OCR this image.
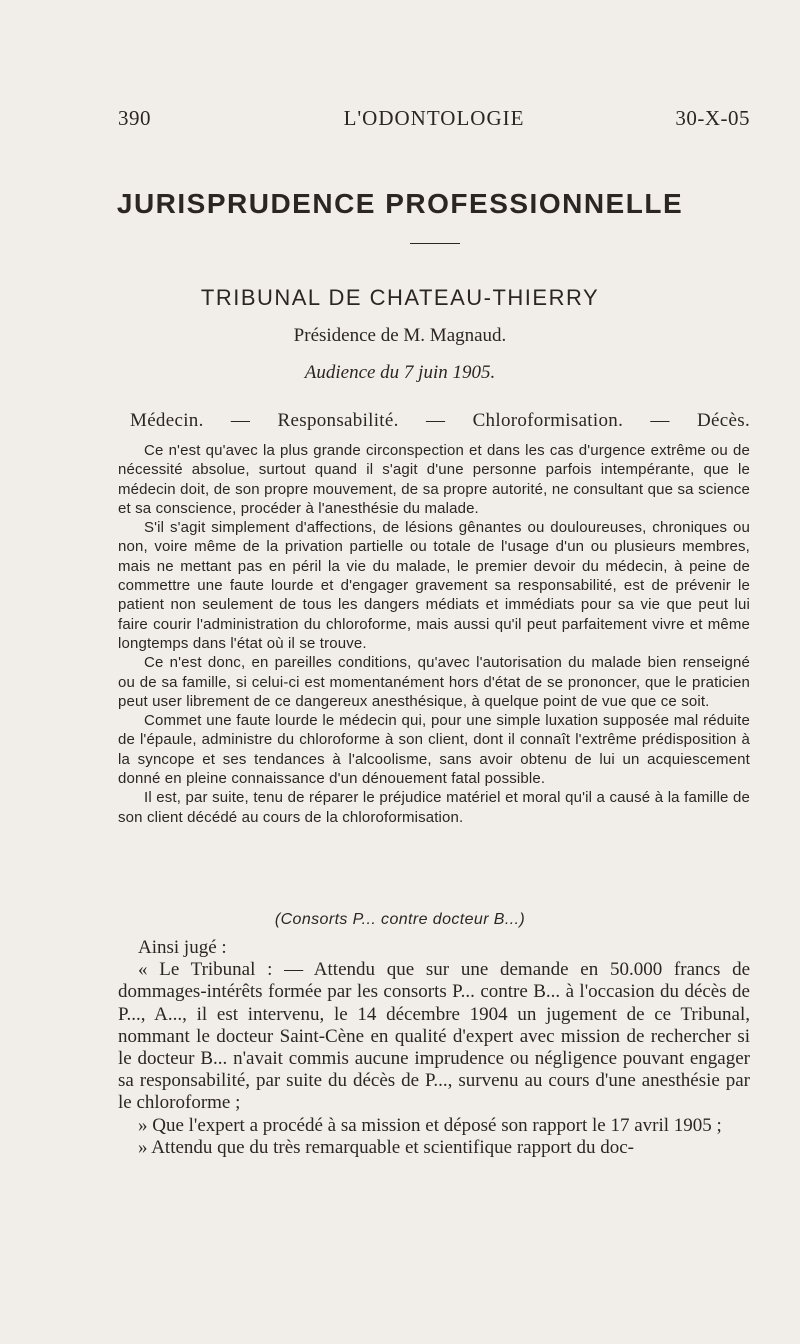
390	L'ODONTOLOGIE	30-X-05
JURISPRUDENCE PROFESSIONNELLE
TRIBUNAL DE CHATEAU-THIERRY
Présidence de M. Magnaud.
Audience du 7 juin 1905.
Médecin. — Responsabilité. — Chloroformisation. — Décès.

Ce n'est qu'avec la plus grande circonspection et dans les cas d'urgence extrême ou de nécessité absolue, surtout quand il s'agit d'une personne parfois intempérante, que le médecin doit, de son propre mouvement, de sa propre autorité, ne consultant que sa science et sa conscience, procéder à l'anesthésie du malade.

S'il s'agit simplement d'affections, de lésions gênantes ou douloureuses, chroniques ou non, voire même de la privation partielle ou totale de l'usage d'un ou plusieurs membres, mais ne mettant pas en péril la vie du malade, le premier devoir du médecin, à peine de commettre une faute lourde et d'engager gravement sa responsabilité, est de prévenir le patient non seulement de tous les dangers médiats et immédiats pour sa vie que peut lui faire courir l'administration du chloroforme, mais aussi qu'il peut parfaitement vivre et même longtemps dans l'état où il se trouve.

Ce n'est donc, en pareilles conditions, qu'avec l'autorisation du malade bien renseigné ou de sa famille, si celui-ci est momentanément hors d'état de se prononcer, que le praticien peut user librement de ce dangereux anesthésique, à quelque point de vue que ce soit.

Commet une faute lourde le médecin qui, pour une simple luxation supposée mal réduite de l'épaule, administre du chloroforme à son client, dont il connaît l'extrême prédisposition à la syncope et ses tendances à l'alcoolisme, sans avoir obtenu de lui un acquiescement donné en pleine connaissance d'un dénouement fatal possible.

Il est, par suite, tenu de réparer le préjudice matériel et moral qu'il a causé à la famille de son client décédé au cours de la chloroformisation.

(Consorts P... contre docteur B...)

Ainsi jugé :

« Le Tribunal : — Attendu que sur une demande en 50.000 francs de dommages-intérêts formée par les consorts P... contre B... à l'occasion du décès de P..., A..., il est intervenu, le 14 décembre 1904 un jugement de ce Tribunal, nommant le docteur Saint-Cène en qualité d'expert avec mission de rechercher si le docteur B... n'avait commis aucune imprudence ou négligence pouvant engager sa responsabilité, par suite du décès de P..., survenu au cours d'une anesthésie par le chloroforme ;

» Que l'expert a procédé à sa mission et déposé son rapport le 17 avril 1905 ;

» Attendu que du très remarquable et scientifique rapport du doc-
